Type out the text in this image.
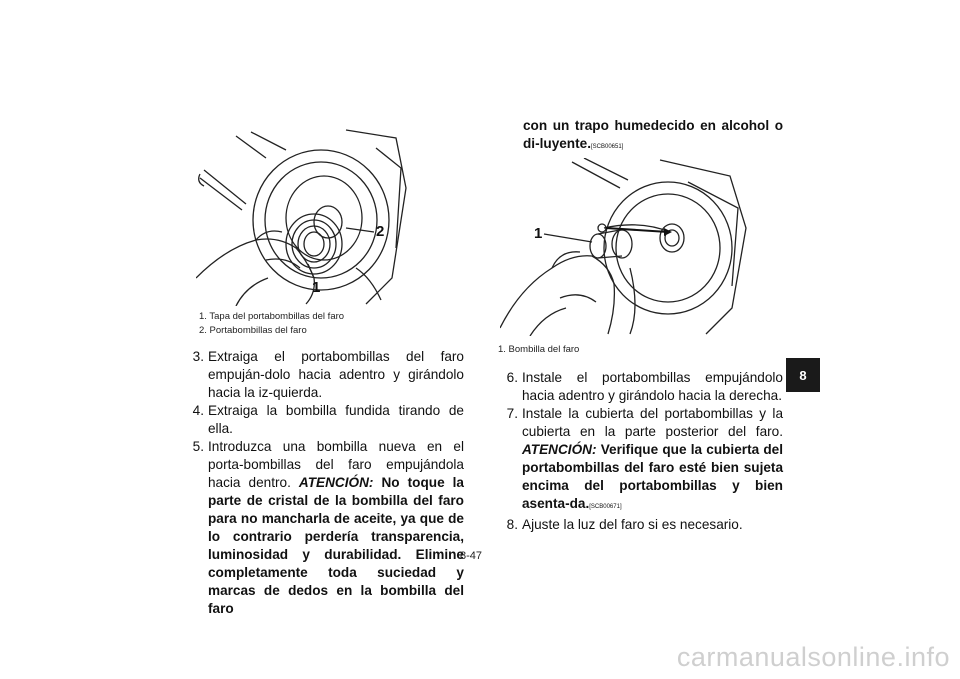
2
1
1. Tapa del portabombillas del faro
2. Portabombillas del faro
3. Extraiga el portabombillas del faro empuján-dolo hacia adentro y girándolo hacia la iz-quierda.
4. Extraiga la bombilla fundida tirando de ella.
5. Introduzca una bombilla nueva en el porta-bombillas del faro empujándola hacia dentro. ATENCIÓN: No toque la parte de cristal de la bombilla del faro para no mancharla de aceite, ya que de lo contrario perdería transparencia, luminosidad y durabilidad. Elimine completamente toda suciedad y marcas de dedos en la bombilla del faro
con un trapo humedecido en alcohol o di-luyente.[SCB00651]
1
1. Bombilla del faro
6. Instale el portabombillas empujándolo hacia adentro y girándolo hacia la derecha.
7. Instale la cubierta del portabombillas y la cubierta en la parte posterior del faro. ATENCIÓN: Verifique que la cubierta del portabombillas del faro esté bien sujeta encima del portabombillas y bien asenta-da.[SCB00671]
8. Ajuste la luz del faro si es necesario.
8
8-47
carmanualsonline.info
